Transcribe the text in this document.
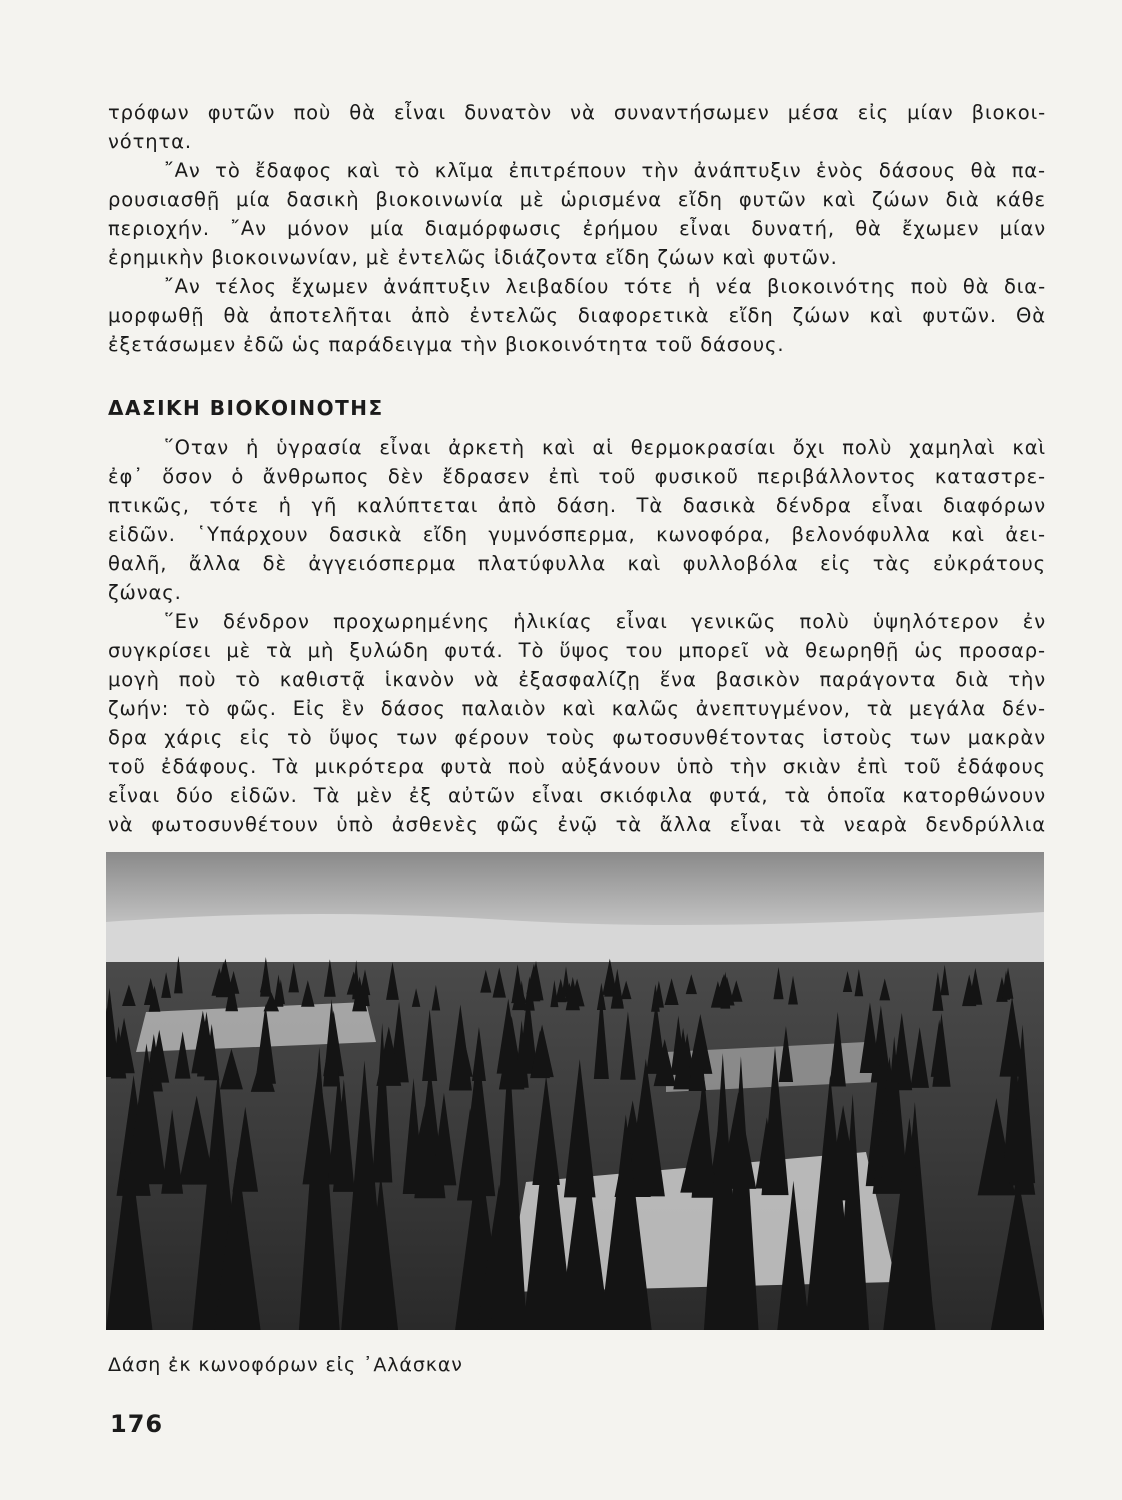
τρόφων φυτῶν ποὺ θὰ εἶναι δυνατὸν νὰ συναντήσωμεν μέσα εἰς μίαν βιοκοι-
νότητα.
῎Αν τὸ ἔδαφος καὶ τὸ κλῖμα ἐπιτρέπουν τὴν ἀνάπτυξιν ἑνὸς δάσους θὰ πα-
ρουσιασθῇ μία δασικὴ βιοκοινωνία μὲ ὡρισμένα εἴδη φυτῶν καὶ ζώων διὰ κάθε
περιοχήν. ῎Αν μόνον μία διαμόρφωσις ἐρήμου εἶναι δυνατή, θὰ ἔχωμεν μίαν
ἐρημικὴν βιοκοινωνίαν, μὲ ἐντελῶς ἰδιάζοντα εἴδη ζώων καὶ φυτῶν.
῎Αν τέλος ἔχωμεν ἀνάπτυξιν λειβαδίου τότε ἡ νέα βιοκοινότης ποὺ θὰ δια-
μορφωθῇ θὰ ἀποτελῆται ἀπὸ ἐντελῶς διαφορετικὰ εἴδη ζώων καὶ φυτῶν. Θὰ
ἐξετάσωμεν ἐδῶ ὡς παράδειγμα τὴν βιοκοινότητα τοῦ δάσους.
ΔΑΣΙΚΗ ΒΙΟΚΟΙΝΟΤΗΣ
῞Οταν ἡ ὑγρασία εἶναι ἀρκετὴ καὶ αἱ θερμοκρασίαι ὄχι πολὺ χαμηλαὶ καὶ
ἐφ᾿ ὅσον ὁ ἄνθρωπος δὲν ἔδρασεν ἐπὶ τοῦ φυσικοῦ περιβάλλοντος καταστρε-
πτικῶς, τότε ἡ γῆ καλύπτεται ἀπὸ δάση. Τὰ δασικὰ δένδρα εἶναι διαφόρων
εἰδῶν. ῾Υπάρχουν δασικὰ εἴδη γυμνόσπερμα, κωνοφόρα, βελονόφυλλα καὶ ἀει-
θαλῆ, ἄλλα δὲ ἀγγειόσπερμα πλατύφυλλα καὶ φυλλοβόλα εἰς τὰς εὐκράτους
ζώνας.
῞Εν δένδρον προχωρημένης ἡλικίας εἶναι γενικῶς πολὺ ὑψηλότερον ἐν
συγκρίσει μὲ τὰ μὴ ξυλώδη φυτά. Τὸ ὕψος του μπορεῖ νὰ θεωρηθῇ ὡς προσαρ-
μογὴ ποὺ τὸ καθιστᾷ ἱκανὸν νὰ ἐξασφαλίζῃ ἕνα βασικὸν παράγοντα διὰ τὴν
ζωήν: τὸ φῶς. Εἰς ἓν δάσος παλαιὸν καὶ καλῶς ἀνεπτυγμένον, τὰ μεγάλα δέν-
δρα χάρις εἰς τὸ ὕψος των φέρουν τοὺς φωτοσυνθέτοντας ἱστοὺς των μακρὰν
τοῦ ἐδάφους. Τὰ μικρότερα φυτὰ ποὺ αὐξάνουν ὑπὸ τὴν σκιὰν ἐπὶ τοῦ ἐδάφους
εἶναι δύο εἰδῶν. Τὰ μὲν ἐξ αὐτῶν εἶναι σκιόφιλα φυτά, τὰ ὁποῖα κατορθώνουν
νὰ φωτοσυνθέτουν ὑπὸ ἀσθενὲς φῶς ἐνῷ τὰ ἄλλα εἶναι τὰ νεαρὰ δενδρύλλια
Δάση ἐκ κωνοφόρων εἰς ᾿Αλάσκαν
176
